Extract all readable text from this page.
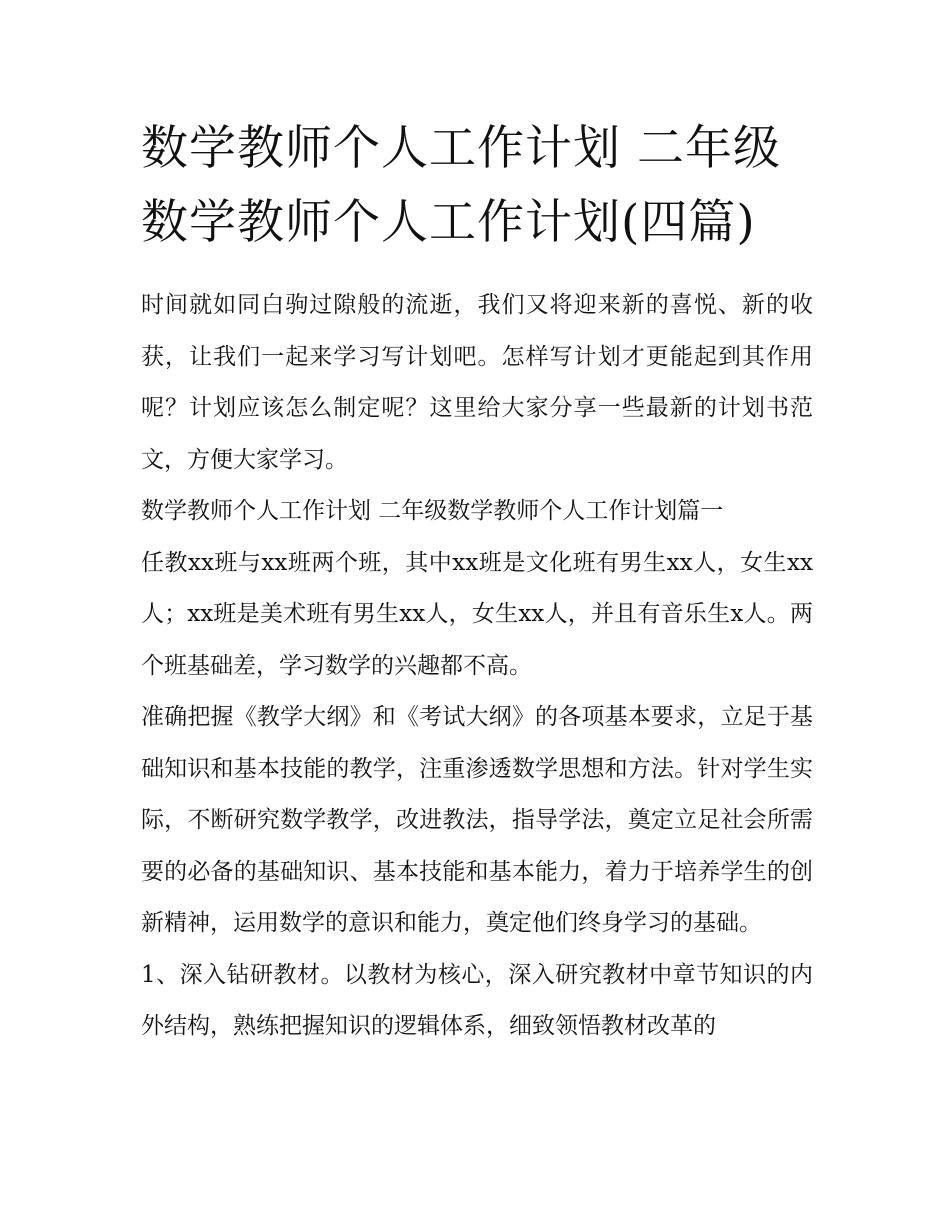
数学教师个人工作计划 二年级数学教师个人工作计划(四篇)

时间就如同白驹过隙般的流逝，我们又将迎来新的喜悦、新的收获，让我们一起来学习写计划吧。怎样写计划才更能起到其作用呢？计划应该怎么制定呢？这里给大家分享一些最新的计划书范文，方便大家学习。

数学教师个人工作计划 二年级数学教师个人工作计划篇一

任教xx班与xx班两个班，其中xx班是文化班有男生xx人，女生xx人；xx班是美术班有男生xx人，女生xx人，并且有音乐生x人。两个班基础差，学习数学的兴趣都不高。

准确把握《教学大纲》和《考试大纲》的各项基本要求，立足于基础知识和基本技能的教学，注重渗透数学思想和方法。针对学生实际，不断研究数学教学，改进教法，指导学法，奠定立足社会所需要的必备的基础知识、基本技能和基本能力，着力于培养学生的创新精神，运用数学的意识和能力，奠定他们终身学习的基础。

1、深入钻研教材。以教材为核心，深入研究教材中章节知识的内外结构，熟练把握知识的逻辑体系，细致领悟教材改革的
